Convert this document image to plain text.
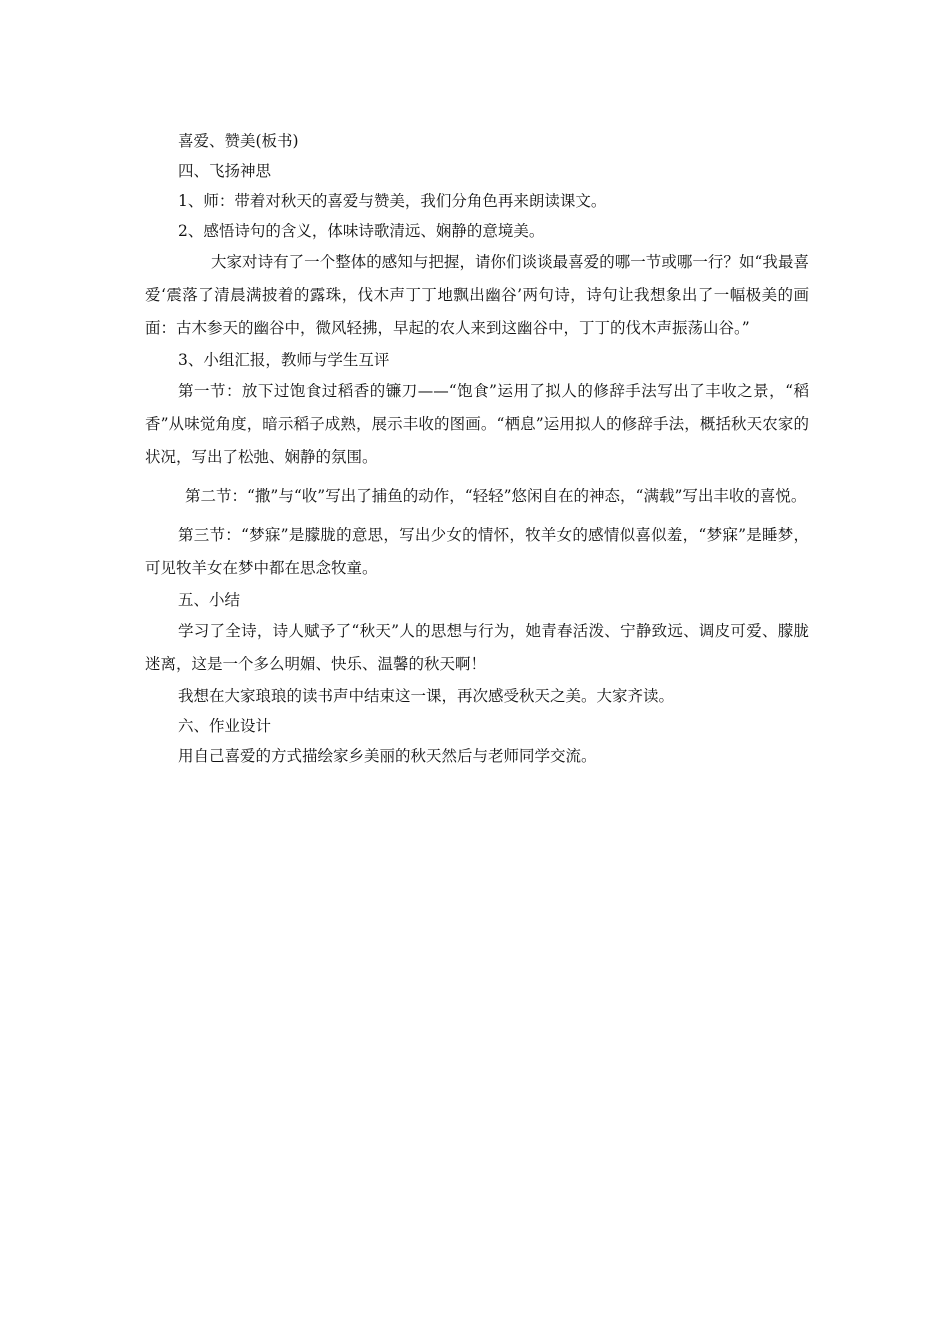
喜爱、赞美(板书)
四、飞扬神思
1、师：带着对秋天的喜爱与赞美，我们分角色再来朗读课文。
2、感悟诗句的含义，体味诗歌清远、娴静的意境美。

大家对诗有了一个整体的感知与把握，请你们谈谈最喜爱的哪一节或哪一行？如“我最喜爱‘震落了清晨满披着的露珠，伐木声丁丁地飘出幽谷’两句诗，诗句让我想象出了一幅极美的画面：古木参天的幽谷中，微风轻拂，早起的农人来到这幽谷中，丁丁的伐木声振荡山谷。”

3、小组汇报，教师与学生互评

第一节：放下过饱食过稻香的镰刀——“饱食”运用了拟人的修辞手法写出了丰收之景，“稻香”从味觉角度，暗示稻子成熟，展示丰收的图画。“栖息”运用拟人的修辞手法，概括秋天农家的状况，写出了松弛、娴静的氛围。

第二节：“撒”与“收”写出了捕鱼的动作，“轻轻”悠闲自在的神态，“满载”写出丰收的喜悦。

第三节：“梦寐”是朦胧的意思，写出少女的情怀，牧羊女的感情似喜似羞，“梦寐”是睡梦，可见牧羊女在梦中都在思念牧童。

五、小结

学习了全诗，诗人赋予了“秋天”人的思想与行为，她青春活泼、宁静致远、调皮可爱、朦胧迷离，这是一个多么明媚、快乐、温馨的秋天啊！

我想在大家琅琅的读书声中结束这一课，再次感受秋天之美。大家齐读。
六、作业设计
用自己喜爱的方式描绘家乡美丽的秋天然后与老师同学交流。
